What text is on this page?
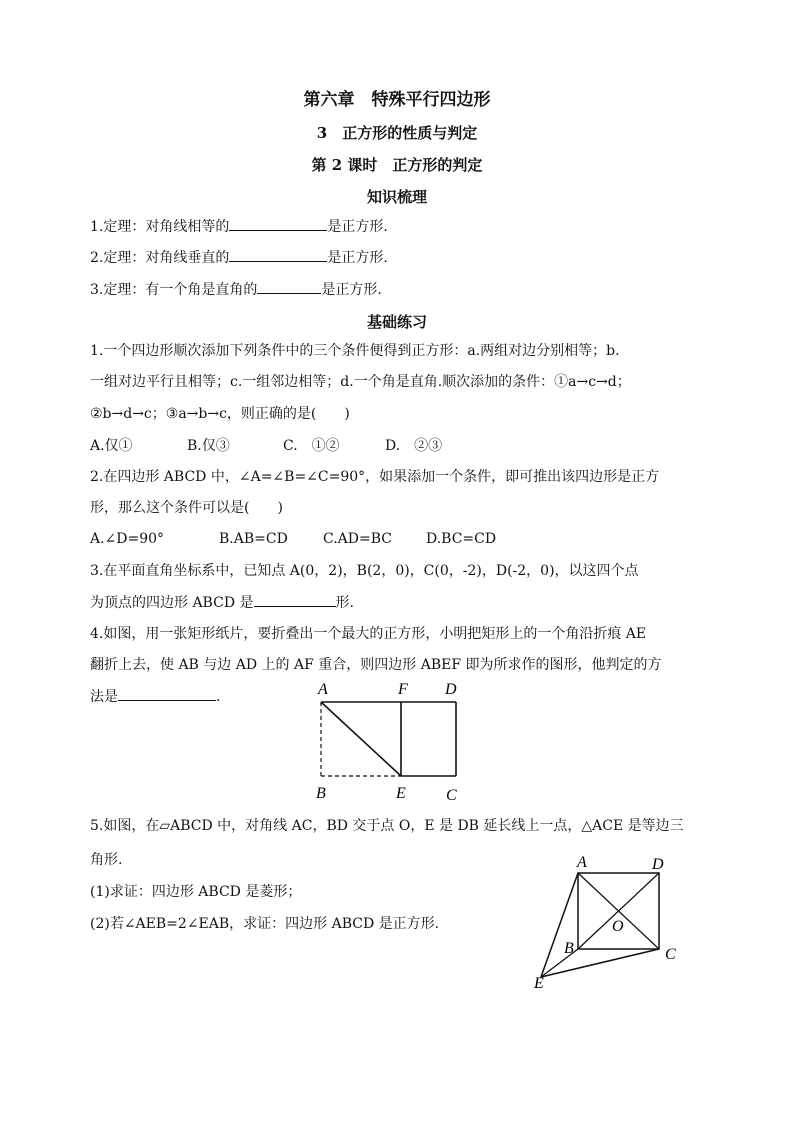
第六章　特殊平行四边形
3　正方形的性质与判定
第 2 课时　正方形的判定
知识梳理
1.定理：对角线相等的	是正方形.
2.定理：对角线垂直的	是正方形.
3.定理：有一个角是直角的	是正方形.
基础练习
1.一个四边形顺次添加下列条件中的三个条件便得到正方形：a.两组对边分别相等；b.
一组对边平行且相等；c.一组邻边相等；d.一个角是直角.顺次添加的条件：①a→c→d；
②b→d→c；③a→b→c，则正确的是(　　)
A.仅①	B.仅③	C.　①②	D.　②③
2.在四边形 ABCD 中，∠A=∠B=∠C=90°，如果添加一个条件，即可推出该四边形是正方
形，那么这个条件可以是(　　)
A.∠D=90°	B.AB=CD	C.AD=BC D.BC=CD
3.在平面直角坐标系中，已知点 A(0，2)，B(2，0)，C(0，-2)，D(-2，0)，以这四个点
为顶点的四边形 ABCD 是	形.
4.如图，用一张矩形纸片，要折叠出一个最大的正方形，小明把矩形上的一个角沿折痕 AE
翻折上去，使 AB 与边 AD 上的 AF 重合，则四边形 ABEF 即为所求作的图形，他判定的方
法是	.	A	F D
B	E	C
5.如图，在▱ABCD 中，对角线 AC，BD 交于点 O，E 是 DB 延长线上一点，△ACE 是等边三
角形.
(1)求证：四边形 ABCD 是菱形；
(2)若∠AEB=2∠EAB，求证：四边形 ABCD 是正方形.
A	D
O
B	C
E
